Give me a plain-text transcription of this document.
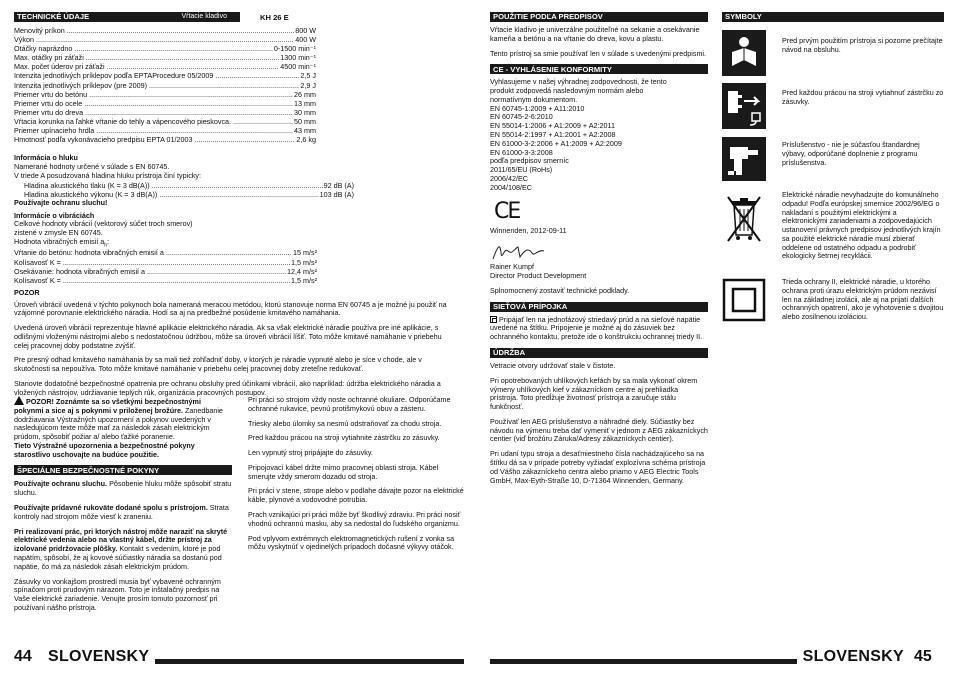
TECHNICKÉ ÚDAJE	Vŕtacie kladivo	KH 26 E
Menovitý príkon .....	800 W
Výkon .....	400 W
Otáčky naprázdno .....	0-1500 min⁻¹
Max. otáčky pri záťaži .....	1300 min⁻¹
Max. počet úderov pri záťaži .....	4500 min⁻¹
Intenzita jednotlivých príklepov podľa EPTAProcedure 05/2009 .....	2,5 J
Intenzita jednotlivých príklepov (pre 2009) .....	2,9 J
Priemer vrtu do betónu .....	26 mm
Priemer vrtu do ocele .....	13 mm
Priemer vrtu do dreva .....	30 mm
Vŕtacia korunka na ľahké vŕtanie do tehly a vápencového pieskovca. .....	50 mm
Priemer upínacieho hrdla .....	43 mm
Hmotnosť podľa vykonávacieho predpisu EPTA 01/2003 .....	2,6 kg
Informácia o hluku
Namerané hodnoty určené v súlade s EN 60745.
V triede A posudzovaná hladina hluku prístroja činí typicky:
Hladina akustického tlaku (K = 3 dB(A)) .....	92 dB (A)
Hladina akustického výkonu (K = 3 dB(A)) .....	103 dB (A)
Používajte ochranu sluchu!
Informácie o vibráciách
Celkové hodnoty vibrácií (vektorový súčet troch smerov)
zistené v zmysle EN 60745.
Hodnota vibračných emisií $a_h$:
Vŕtanie do betónu: hodnota vibračných emisií a .....	15 m/s²
Kolísavosť K = .....	1,5 m/s²
Osekávanie: hodnota vibračných emisií a .....	12,4 m/s²
Kolísavosť K = .....	1,5 m/s²
POZOR
Úroveň vibrácií uvedená v týchto pokynoch bola nameraná meracou metódou, ktorú stanovuje norma EN 60745 a je možné ju použiť na vzájomné porovnanie elektrického náradia. Hodí sa aj na predbežné posúdenie kmitavého namáhania.
Uvedená úroveň vibrácií reprezentuje hlavné aplikácie elektrického náradia. Ak sa však elektrické náradie používa pre iné aplikácie, s odlišnými vloženými nástrojmi alebo s nedostatočnou údržbou, môže sa úroveň vibrácií líšiť. Toto môže kmitavé namáhanie v priebehu celej pracovnej doby podstatne zvýšiť.
Pre presný odhad kmitavého namáhania by sa mali tiež zohľadniť doby, v ktorých je náradie vypnuté alebo je síce v chode, ale v skutočnosti sa nepoužíva. Toto môže kmitavé namáhanie v priebehu celej pracovnej doby zreteľne redukovať.
Stanovte dodatočné bezpečnostné opatrenia pre ochranu obsluhy pred účinkami vibrácií, ako napríklad: údržba elektrického náradia a vložených nástrojov, udržiavanie teplých rúk, organizácia pracovných postupov.
POZOR! Zoznámte sa so všetkými bezpečnostnými pokynmi a sice aj s pokynmi v priloženej brožúre. Zanedbanie dodržiavania Výstražných upozornení a pokynov uvedených v nasledujúcom texte môže mať za následok zásah elektrickým prúdom, spôsobiť požiar a/ alebo ťažké poranenie.
Tieto Výstražné upozornenia a bezpečnostné pokyny starostlivo uschovajte na budúce použitie.
ŠPECIÁLNE BEZPEČNOSTNÉ POKYNY
Používajte ochranu sluchu. Pôsobenie hluku môže spôsobiť stratu sluchu.
Používajte prídavné rukoväte dodané spolu s prístrojom. Strata kontroly nad strojom môže viesť k zraneniu.
Pri realizovaní prác, pri ktorých nástroj môže naraziť na skryté elektrické vedenia alebo na vlastný kábel, držte prístroj za izolované pridržovacie plôšky. Kontakt s vedením, ktoré je pod napätím, spôsobí, že aj kovové súčiastky náradia sa dostanú pod napätie, čo má za následok zásah elektrickým prúdom.
Zásuvky vo vonkajšom prostredí musia byť vybavené ochranným spínačom proti prudovým nárazom. Toto je inštalačný predpis na Vaše elektrické zariadenie. Venujte prosím tomuto pozornosť pri používaní nášho prístroja.
Pri práci so strojom vždy noste ochranné okuliare. Odporúčame ochranné rukavice, pevnú protišmykovú obuv a zásteru.
Triesky alebo úlomky sa nesmú odstraňovať za chodu stroja.
Pred každou prácou na stroji vytiahnite zástrčku zo zásuvky.
Len vypnutý stroj pripájajte do zásuvky.
Pripojovací kábel držte mimo pracovnej oblasti stroja. Kábel smerujte vždy smerom dozadu od stroja.
Pri práci v stene, strope alebo v podlahe dávajte pozor na elektrické káble, plynové a vodovodné potrubia.
Prach vznikajúci pri práci môže byť škodlivý zdraviu. Pri práci nosiť vhodnú ochrannú masku, aby sa nedostal do ľudského organizmu.
Pod vplyvom extrémnych elektromagnetických rušení z vonka sa môžu vyskytnúť v ojedinelých prípadoch dočasné výkyvy otáčok.
POUŽITIE PODĽA PREDPISOV
Vŕtacie kladivo je univerzálne použiteľné na sekanie a osekávanie kameňa a betónu a na vŕtanie do dreva, kovu a plastu.
Tento prístroj sa smie používať len v súlade s uvedenými predpismi.
CE - VYHLÁSENIE KONFORMITY
Vyhlasujeme v našej výhradnej zodpovednosti, že tento
produkt zodpovedá nasledovným normám alebo
normatívnym dokumentom.
EN 60745-1:2009 + A11:2010
EN 60745-2-6:2010
EN 55014-1:2006 + A1:2009 + A2:2011
EN 55014-2:1997 + A1:2001 + A2:2008
EN 61000-3-2:2006 + A1:2009 + A2:2009
EN 61000-3-3:2008
podľa predpisov smerníc
2011/65/EU (RoHs)
2006/42/EC
2004/108/EC
CE
Winnenden, 2012-09-11
Rainer Kumpf
Director Product Development
Splnomocnený zostaviť technické podklady.
SIEŤOVÁ PRÍPOJKA
Pripájať len na jednofázový striedavý prúd a na sieťové napätie uvedené na štítku. Pripojenie je možné aj do zásuviek bez ochranného kontaktu, pretože ide o konštrukciu ochrannej triedy II.
ÚDRŽBA
Vetracie otvory udržovať stale v čistote.
Pri opotrebovaných uhlíkových kefách by sa mala vykonať okrem výmeny uhlíkových kief v zákazníckom centre aj prehliadka prístroja. Toto predĺžuje životnosť prístroja a zaručuje stálu funkčnosť.
Používať len AEG príslušenstvo a náhradné diely. Súčiastky bez návodu na výmenu treba dať vymeniť v jednom z AEG zákazníckych centier (viď brožúru Záruka/Adresy zákazníckych centier).
Pri udaní typu stroja a desaťmiestneho čísla nachádzajúceho sa na štítku dá sa v prípade potreby vyžiadať explozívna schéma prístroja od Vášho zákazníckeho centra alebo priamo v AEG Electric Tools GmbH, Max-Eyth-Straße 10, D-71364 Winnenden, Germany.
SYMBOLY
Pred prvým použitím prístroja si pozorne prečítajte návod na obsluhu.
Pred každou prácou na stroji vytiahnuť zástrčku zo zásuvky.
Príslušenstvo - nie je súčasťou štandardnej výbavy, odporúčané doplnenie z programu príslušenstva.
Elektrické náradie nevyhadzujte do komunálneho odpadu! Podľa európskej smernice 2002/96/EG o nakladaní s použitými elektrickými a elektronickými zariadeniami a zodpovedajúcich ustanovení právnych predpisov jednotlivých krajín sa použité elektrické náradie musí zbierať oddelene od ostatného odpadu a podrobiť ekologicky šetrnej recyklácii.
Trieda ochrany II, elektrické náradie, u ktorého ochrana proti úrazu elektrickým prúdom nezávisí len na základnej izolácii, ale aj na prijatí ďalších ochranných opatrení, ako je vyhotovenie s dvojitou alebo zosilnenou izoláciou.
44	SLOVENSKY	SLOVENSKY 45
